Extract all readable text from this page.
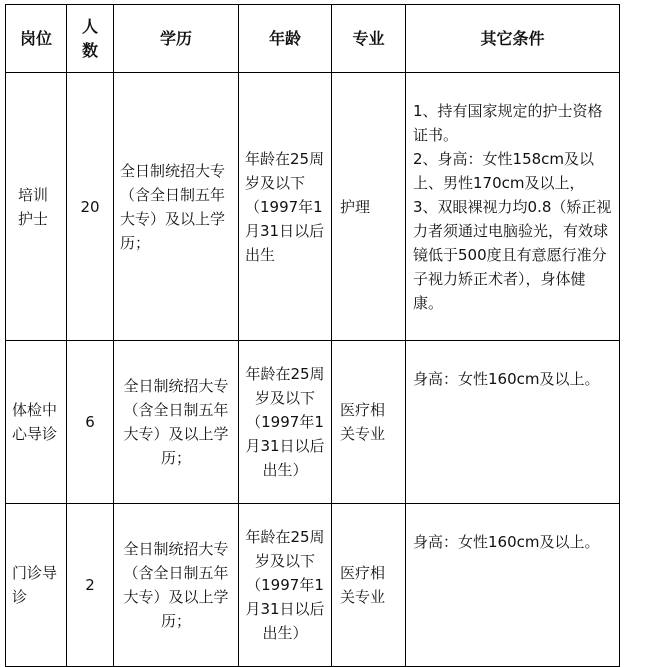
岗位	人数	学历	年龄	专业	其它条件
培训护士	20	全日制统招大专（含全日制五年大专）及以上学历；	年龄在25周岁及以下（1997年1月31日以后出生	护理	1、持有国家规定的护士资格证书。
2、身高：女性158cm及以上、男性170cm及以上，
3、双眼裸视力均0.8（矫正视力者须通过电脑验光，有效球镜低于500度且有意愿行准分子视力矫正术者），身体健康。
体检中心导诊	6	全日制统招大专（含全日制五年大专）及以上学历；	年龄在25周岁及以下（1997年1月31日以后出生）	医疗相关专业	身高：女性160cm及以上。
门诊导诊	2	全日制统招大专（含全日制五年大专）及以上学历；	年龄在25周岁及以下（1997年1月31日以后出生）	医疗相关专业	身高：女性160cm及以上。
